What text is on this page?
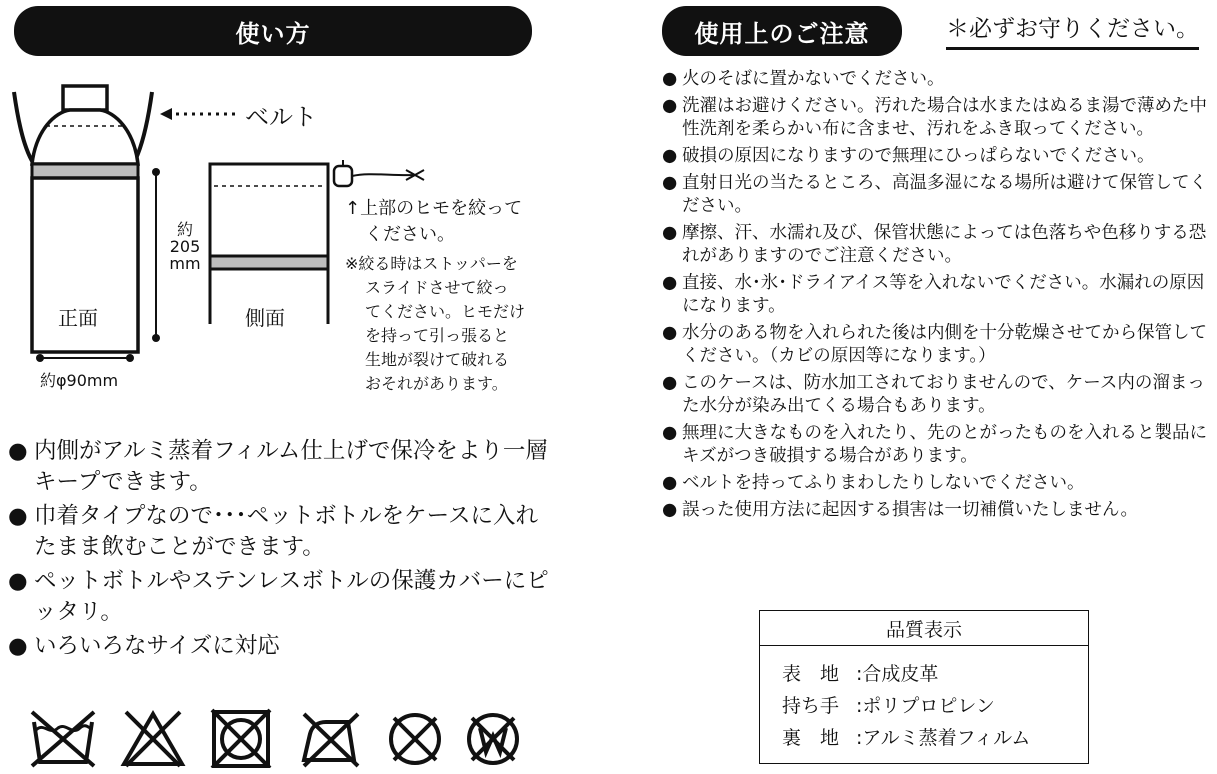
使い方	使用上のご注意	＊必ずお守りください。
ベルト
正面	側面
約φ90mm
約
205
mm
↑上部のヒモを絞って
ください。
※絞る時はストッパーを
スライドさせて絞っ
てください。ヒモだけ
を持って引っ張ると
生地が裂けて破れる
おそれがあります。
● 内側がアルミ蒸着フィルム仕上げで保冷をより一層キープできます。
● 巾着タイプなので･･･ペットボトルをケースに入れたまま飲むことができます。
● ペットボトルやステンレスボトルの保護カバーにピッタリ。
● いろいろなサイズに対応
● 火のそばに置かないでください。
● 洗濯はお避けください。汚れた場合は水またはぬるま湯で薄めた中性洗剤を柔らかい布に含ませ、汚れをふき取ってください。
● 破損の原因になりますので無理にひっぱらないでください。
● 直射日光の当たるところ、高温多湿になる場所は避けて保管してください。
● 摩擦、汗、水濡れ及び、保管状態によっては色落ちや色移りする恐れがありますのでご注意ください。
● 直接、水･氷･ドライアイス等を入れないでください。水漏れの原因になります。
● 水分のある物を入れられた後は内側を十分乾燥させてから保管してください。（カビの原因等になります。）
● このケースは、防水加工されておりませんので、ケース内の溜まった水分が染み出てくる場合もあります。
● 無理に大きなものを入れたり、先のとがったものを入れると製品にキズがつき破損する場合があります。
● ベルトを持ってふりまわしたりしないでください。
● 誤った使用方法に起因する損害は一切補償いたしません。
品質表示
表　地 :合成皮革
持ち手 :ポリプロピレン
裏　地 :アルミ蒸着フィルム
